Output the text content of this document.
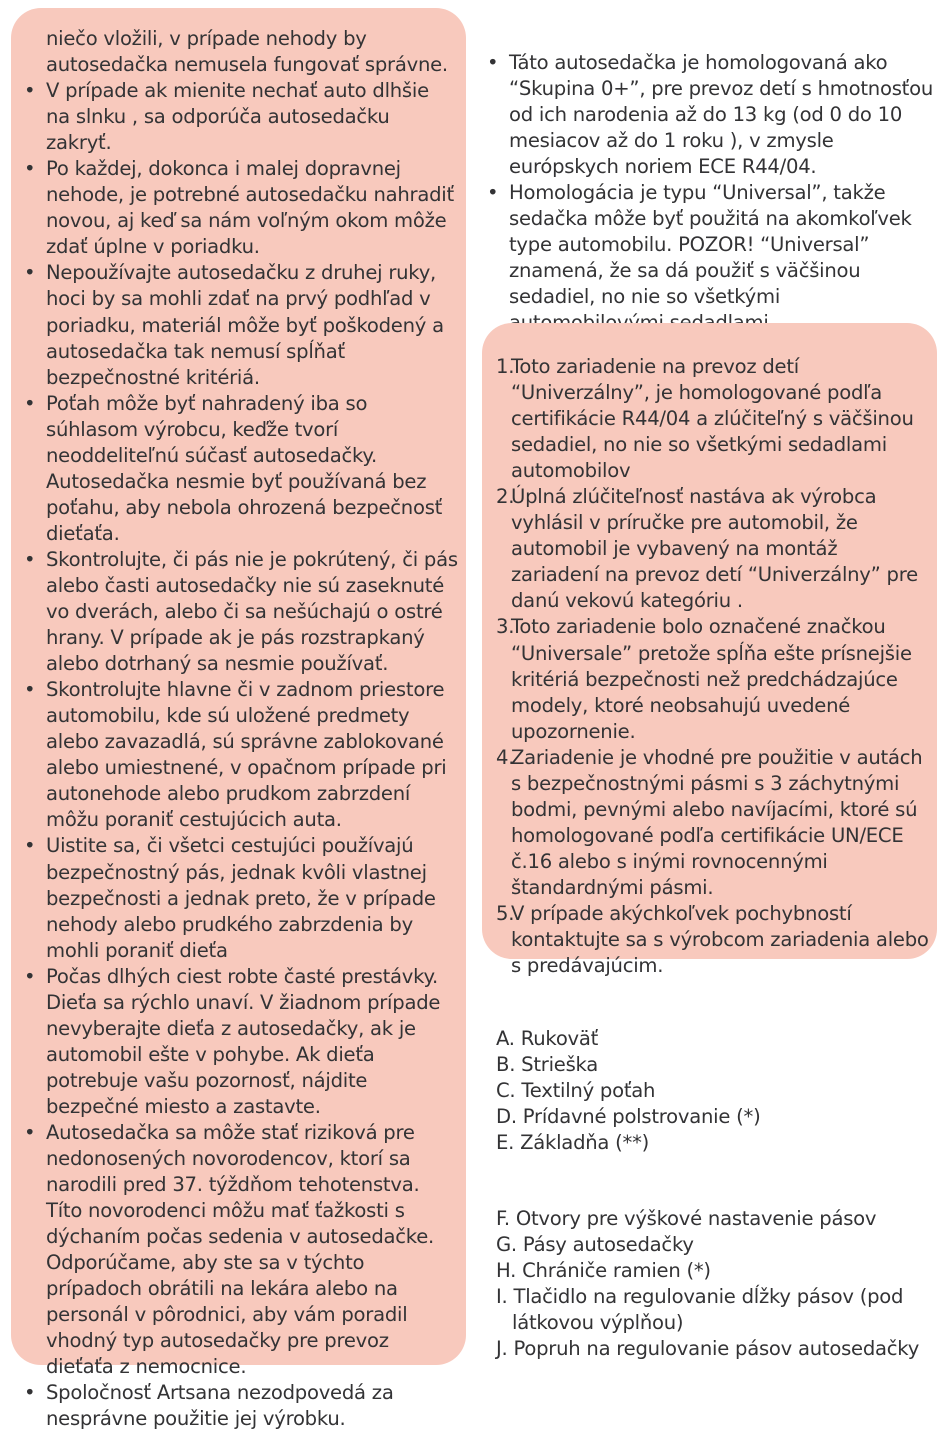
niečo vložili, v prípade nehody by autosedačka nemusela fungovať správne.
• V prípade ak mienite nechať auto dlhšie na slnku , sa odporúča autosedačku zakryť.
• Po každej, dokonca i malej dopravnej nehode, je potrebné autosedačku nahradiť novou, aj keď sa nám voľným okom môže zdať úplne v poriadku.
• Nepoužívajte autosedačku z druhej ruky, hoci by sa mohli zdať na prvý podhľad v poriadku, materiál môže byť poškodený a autosedačka tak nemusí spĺňať bezpečnostné kritériá.
• Poťah môže byť nahradený iba so súhlasom výrobcu, keďže tvorí neoddeliteľnú súčasť autosedačky. Autosedačka nesmie byť používaná bez poťahu, aby nebola ohrozená bezpečnosť dieťaťa.
• Skontrolujte, či pás nie je pokrútený, či pás alebo časti autosedačky nie sú zaseknuté vo dverách, alebo či sa nešúchajú o ostré hrany. V prípade ak je pás rozstrapkaný alebo dotrhaný sa nesmie používať.
• Skontrolujte hlavne či v zadnom priestore automobilu, kde sú uložené predmety alebo zavazadlá, sú správne zablokované alebo umiestnené, v opačnom prípade pri autonehode alebo prudkom zabrzdení môžu poraniť cestujúcich auta.
• Uistite sa, či všetci cestujúci používajú bezpečnostný pás, jednak kvôli vlastnej bezpečnosti a jednak preto, že v prípade nehody alebo prudkého zabrzdenia by mohli poraniť dieťa
• Počas dlhých ciest robte časté prestávky. Dieťa sa rýchlo unaví. V žiadnom prípade nevyberajte dieťa z autosedačky, ak je automobil ešte v pohybe. Ak dieťa potrebuje vašu pozornosť, nájdite bezpečné miesto a zastavte.
• Autosedačka sa môže stať riziková pre nedonosených novorodencov, ktorí sa narodili pred 37. týždňom tehotenstva. Títo novorodenci môžu mať ťažkosti s dýchaním počas sedenia v autosedačke. Odporúčame, aby ste sa v týchto prípadoch obrátili na lekára alebo na personál v pôrodnici, aby vám poradil vhodný typ autosedačky pre prevoz dieťaťa z nemocnice.
• Spoločnosť Artsana nezodpovedá za nesprávne použitie jej výrobku.
• Táto autosedačka je homologovaná ako “Skupina 0+”, pre prevoz detí s hmotnosťou od ich narodenia až do 13 kg (od 0 do 10 mesiacov až do 1 roku ), v zmysle európskych noriem ECE R44/04.
• Homologácia je typu “Universal”, takže sedačka môže byť použitá na akomkoľvek type automobilu. POZOR! “Universal” znamená, že sa dá použiť s väčšinou sedadiel, no nie so všetkými
1.
Toto zariadenie na prevoz detí “Univerzálny”, je homologované podľa certifikácie R44/04 a zlúčiteľný s väčšinou sedadiel, no nie so všetkými sedadlami automobilov
2.
Úplná zlúčiteľnosť nastáva ak výrobca vyhlásil v príručke pre automobil, že automobil je vybavený na montáž zariadení na prevoz detí “Univerzálny” pre danú vekovú kategóriu .
3.
Toto zariadenie bolo označené značkou “Universale” pretože spĺňa ešte prísnejšie kritériá bezpečnosti než predchádzajúce modely, ktoré neobsahujú uvedené upozornenie.
4.
Zariadenie je vhodné pre použitie v autách s bezpečnostnými pásmi s 3 záchytnými bodmi, pevnými alebo navíjacími, ktoré sú homologované podľa certifikácie UN/ECE č.16 alebo s inými rovnocennými štandardnými pásmi.
5.
V prípade akýchkoľvek pochybností kontaktujte sa s výrobcom zariadenia alebo s predávajúcim.
A. Rukoväť
B. Strieška
C. Textilný poťah
D. Prídavné polstrovanie (*)
E. Základňa (**)
F. Otvory pre výškové nastavenie pásov
G. Pásy autosedačky
H. Chrániče ramien (*)
I. Tlačidlo na regulovanie dĺžky pásov (pod látkovou výplňou)
J. Popruh na regulovanie pásov autosedačky
